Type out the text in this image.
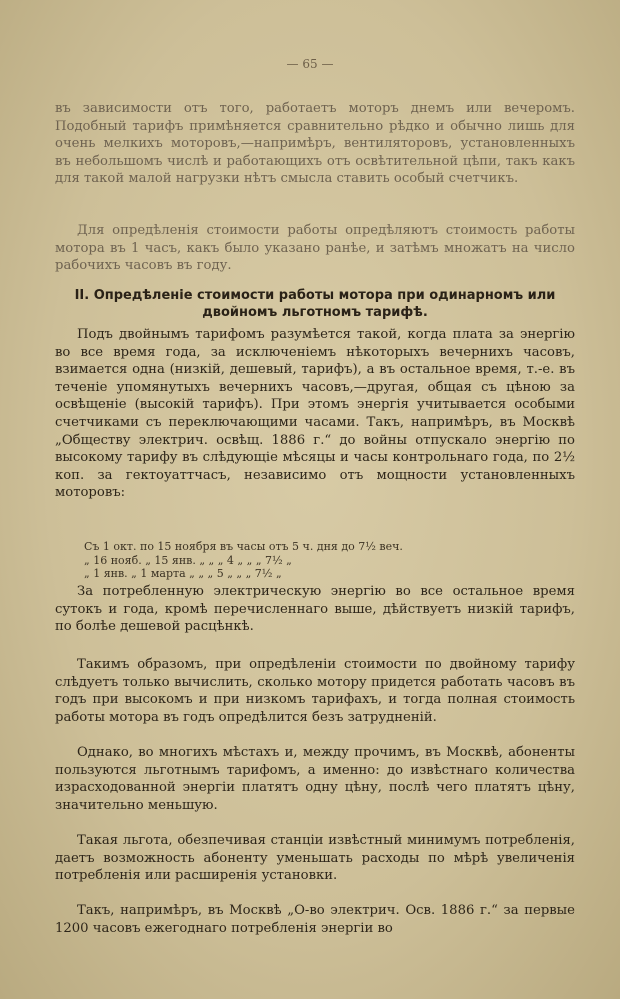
— 65 —

въ зависимости отъ того, работаетъ моторъ днемъ или вечеромъ. Подобный тарифъ примѣняется сравнительно рѣдко и обычно лишь для очень мелкихъ моторовъ,—напримѣръ, вентиляторовъ, установленныхъ въ небольшомъ числѣ и работающихъ отъ освѣтительной цѣпи, такъ какъ для такой малой нагрузки нѣтъ смысла ставить особый счетчикъ.

Для опредѣленія стоимости работы опредѣляютъ стоимость работы мотора въ 1 часъ, какъ было указано ранѣе, и затѣмъ множатъ на число рабочихъ часовъ въ году.

II. Опредѣленіе стоимости работы мотора при одинарномъ или
двойномъ льготномъ тарифѣ.

Подъ двойнымъ тарифомъ разумѣется такой, когда плата за энергію во все время года, за исключеніемъ нѣкоторыхъ вечернихъ часовъ, взимается одна (низкій, дешевый, тарифъ), а въ остальное время, т.-е. въ теченіе упомянутыхъ вечернихъ часовъ,—другая, общая съ цѣною за освѣщеніе (высокій тарифъ). При этомъ энергія учитывается особыми счетчиками съ переключающими часами. Такъ, напримѣръ, въ Москвѣ „Обществу электрич. освѣщ. 1886 г.“ до войны отпускало энергію по высокому тарифу въ слѣдующіе мѣсяцы и часы контрольнаго года, по 2½ коп. за гектоуаттчасъ, независимо отъ мощности установленныхъ моторовъ:

Съ 1 окт. по 15 ноября въ часы отъ 5 ч. дня до 7½ веч.
„ 16 нояб. „ 15 янв. „ „ „ 4 „ „ „ 7½ „
„ 1 янв. „ 1 марта „ „ „ 5 „ „ „ 7½ „

За потребленную электрическую энергію во все остальное время сутокъ и года, кромѣ перечисленнаго выше, дѣйствуетъ низкій тарифъ, по болѣе дешевой расцѣнкѣ.

Такимъ образомъ, при опредѣленіи стоимости по двойному тарифу слѣдуетъ только вычислить, сколько мотору придется работать часовъ въ годъ при высокомъ и при низкомъ тарифахъ, и тогда полная стоимость работы мотора въ годъ опредѣлится безъ затрудненій.

Однако, во многихъ мѣстахъ и, между прочимъ, въ Москвѣ, абоненты пользуются льготнымъ тарифомъ, а именно: до извѣстнаго количества израсходованной энергіи платятъ одну цѣну, послѣ чего платятъ цѣну, значительно меньшую.

Такая льгота, обезпечивая станціи извѣстный минимумъ потребленія, даетъ возможность абоненту уменьшать расходы по мѣрѣ увеличенія потребленія или расширенія установки.

Такъ, напримѣръ, въ Москвѣ „О-во электрич. Осв. 1886 г.“ за первые 1200 часовъ ежегоднаго потребленія энергіи во
